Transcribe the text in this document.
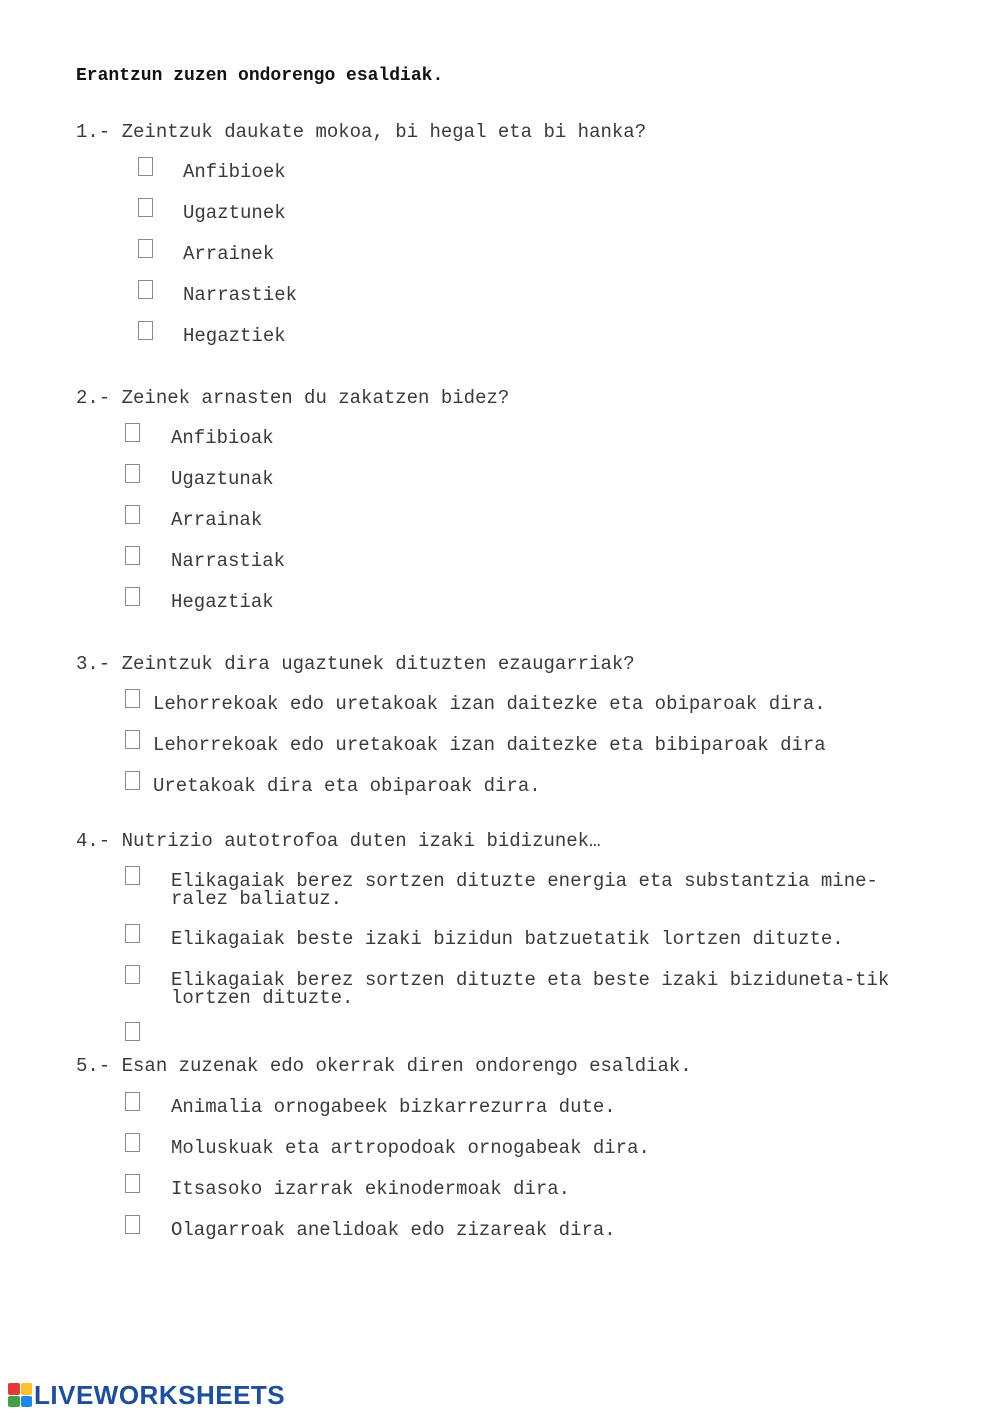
Erantzun zuzen ondorengo esaldiak.
1.- Zeintzuk daukate mokoa, bi hegal eta bi hanka?
Anfibioek
Ugaztunek
Arrainek
Narrastiek
Hegaztiek
2.- Zeinek arnasten du zakatzen bidez?
Anfibioak
Ugaztunak
Arrainak
Narrastiak
Hegaztiak
3.- Zeintzuk dira ugaztunek dituzten ezaugarriak?
Lehorrekoak edo uretakoak izan daitezke eta obiparoak dira.
Lehorrekoak edo uretakoak izan daitezke eta bibiparoak dira
Uretakoak dira eta obiparoak dira.
4.- Nutrizio autotrofoa duten izaki bidizunek…
Elikagaiak berez sortzen dituzte energia eta substantzia mine-ralez baliatuz.
Elikagaiak beste izaki bizidun batzuetatik lortzen dituzte.
Elikagaiak berez sortzen dituzte eta beste izaki biziduneta-tik lortzen dituzte.
5.- Esan zuzenak edo okerrak diren ondorengo esaldiak.
Animalia ornogabeek bizkarrezurra dute.
Moluskuak eta artropodoak ornogabeak dira.
Itsasoko izarrak ekinodermoak dira.
Olagarroak anelidoak edo zizareak dira.
LIVEWORKSHEETS
